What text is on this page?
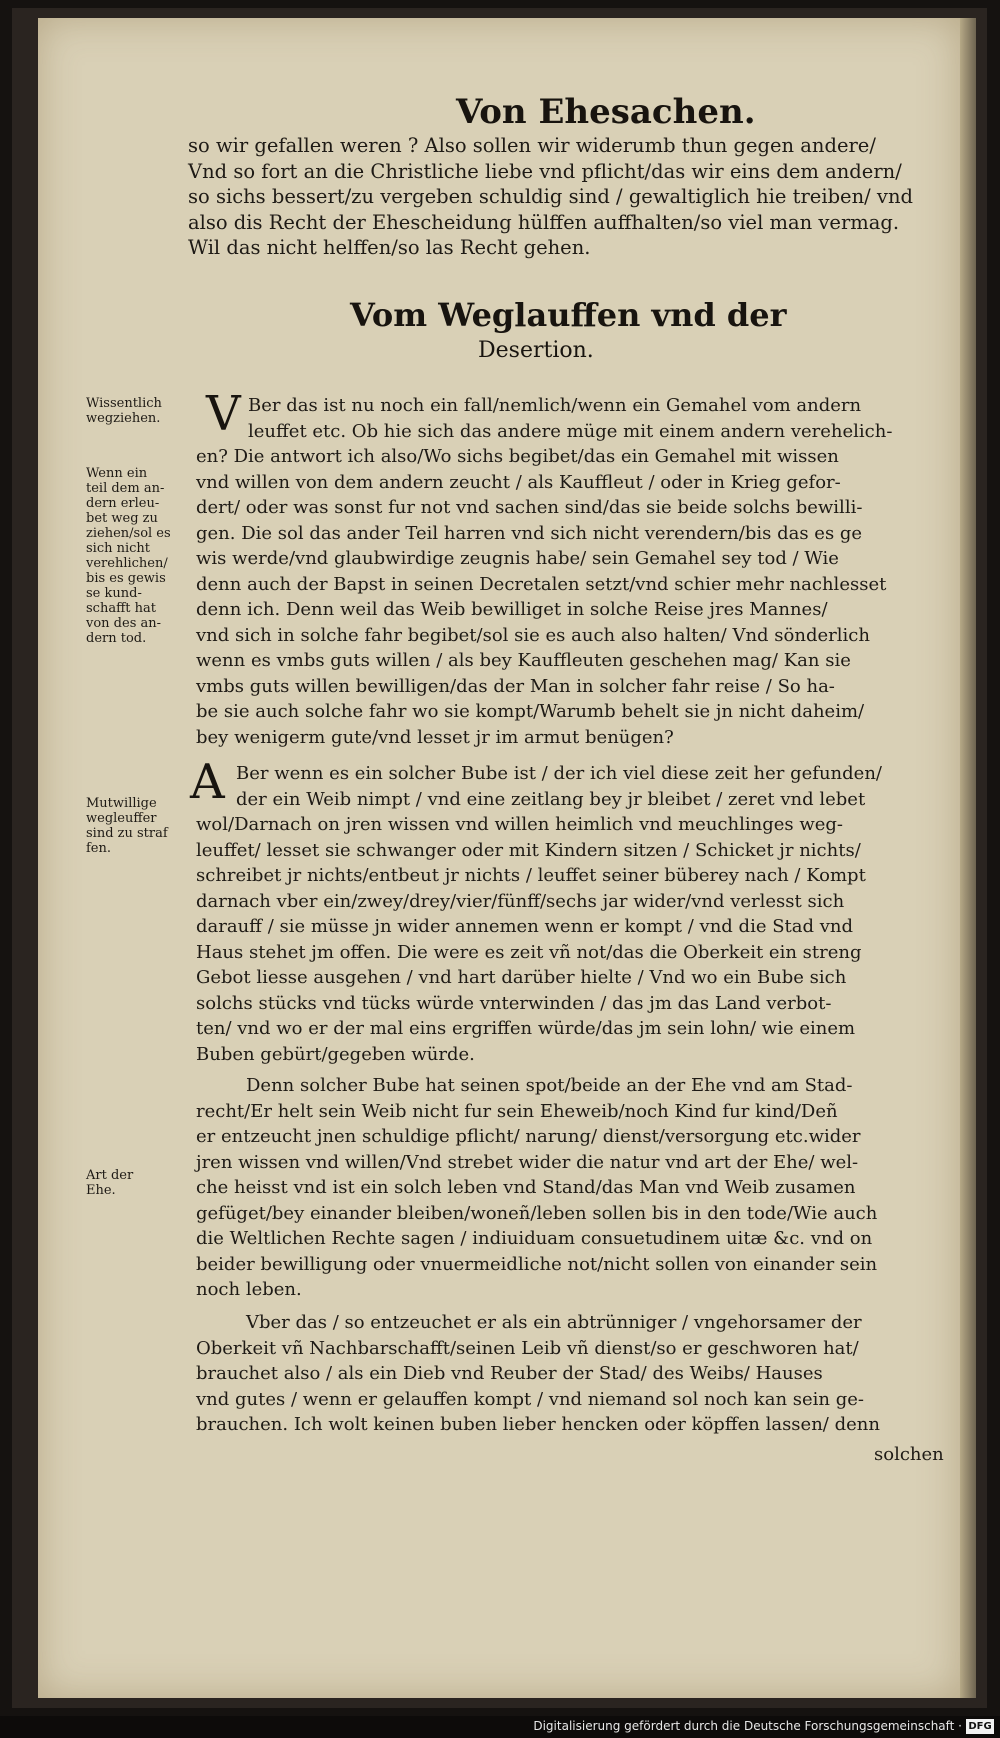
Von Ehesachen.
so wir gefallen weren ? Also sollen wir widerumb thun gegen andere/
Vnd so fort an die Christliche liebe vnd pflicht/das wir eins dem andern/
so sichs bessert/zu vergeben schuldig sind / gewaltiglich hie treiben/ vnd
also dis Recht der Ehescheidung hülffen auffhalten/so viel man vermag.
Wil das nicht helffen/so las Recht gehen.
Vom Weglauffen vnd der
Desertion.
Wissentlich
wegziehen.
Wenn ein
teil dem an-
dern erleu-
bet weg zu
ziehen/sol es
sich nicht
verehlichen/
bis es gewis
se kund-
schafft hat
von des an-
dern tod.
Mutwillige
wegleuffer
sind zu straf
fen.
Art der
Ehe.
V Ber das ist nu noch ein fall/nemlich/wenn ein Gemahel vom andern
leuffet etc. Ob hie sich das andere müge mit einem andern verehelich-
en? Die antwort ich also/Wo sichs begibet/das ein Gemahel mit wissen
vnd willen von dem andern zeucht / als Kauffleut / oder in Krieg gefor-
dert/ oder was sonst fur not vnd sachen sind/das sie beide solchs bewilli-
gen. Die sol das ander Teil harren vnd sich nicht verendern/bis das es ge
wis werde/vnd glaubwirdige zeugnis habe/ sein Gemahel sey tod / Wie
denn auch der Bapst in seinen Decretalen setzt/vnd schier mehr nachlesset
denn ich. Denn weil das Weib bewilliget in solche Reise jres Mannes/
vnd sich in solche fahr begibet/sol sie es auch also halten/ Vnd sönderlich
wenn es vmbs guts willen / als bey Kauffleuten geschehen mag/ Kan sie
vmbs guts willen bewilligen/das der Man in solcher fahr reise / So ha-
be sie auch solche fahr wo sie kompt/Warumb behelt sie jn nicht daheim/
bey wenigerm gute/vnd lesset jr im armut benügen?
A Ber wenn es ein solcher Bube ist / der ich viel diese zeit her gefunden/
der ein Weib nimpt / vnd eine zeitlang bey jr bleibet / zeret vnd lebet
wol/Darnach on jren wissen vnd willen heimlich vnd meuchlinges weg-
leuffet/ lesset sie schwanger oder mit Kindern sitzen / Schicket jr nichts/
schreibet jr nichts/entbeut jr nichts / leuffet seiner büberey nach / Kompt
darnach vber ein/zwey/drey/vier/fünff/sechs jar wider/vnd verlesst sich
darauff / sie müsse jn wider annemen wenn er kompt / vnd die Stad vnd
Haus stehet jm offen. Die were es zeit vñ not/das die Oberkeit ein streng
Gebot liesse ausgehen / vnd hart darüber hielte / Vnd wo ein Bube sich
solchs stücks vnd tücks würde vnterwinden / das jm das Land verbot-
ten/ vnd wo er der mal eins ergriffen würde/das jm sein lohn/ wie einem
Buben gebürt/gegeben würde.
Denn solcher Bube hat seinen spot/beide an der Ehe vnd am Stad-
recht/Er helt sein Weib nicht fur sein Eheweib/noch Kind fur kind/Deñ
er entzeucht jnen schuldige pflicht/ narung/ dienst/versorgung etc.wider
jren wissen vnd willen/Vnd strebet wider die natur vnd art der Ehe/ wel-
che heisst vnd ist ein solch leben vnd Stand/das Man vnd Weib zusamen
gefüget/bey einander bleiben/woneñ/leben sollen bis in den tode/Wie auch
die Weltlichen Rechte sagen / indiuiduam consuetudinem uitæ &c. vnd on
beider bewilligung oder vnuermeidliche not/nicht sollen von einander sein
noch leben.
Vber das / so entzeuchet er als ein abtrünniger / vngehorsamer der
Oberkeit vñ Nachbarschafft/seinen Leib vñ dienst/so er geschworen hat/
brauchet also / als ein Dieb vnd Reuber der Stad/ des Weibs/ Hauses
vnd gutes / wenn er gelauffen kompt / vnd niemand sol noch kan sein ge-
brauchen. Ich wolt keinen buben lieber hencken oder köpffen lassen/ denn
solchen
Digitalisierung gefördert durch die Deutsche Forschungsgemeinschaft · DFG
